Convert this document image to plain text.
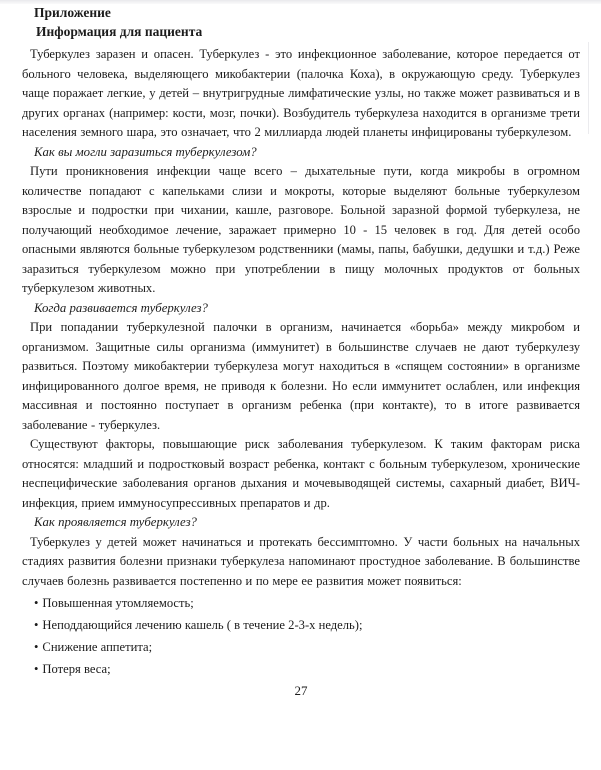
Приложение
Информация для пациента

Туберкулез заразен и опасен. Туберкулез - это инфекционное заболевание, которое передается от больного человека, выделяющего микобактерии (палочка Коха), в окружающую среду. Туберкулез чаще поражает легкие, у детей – внутригрудные лимфатические узлы, но также может развиваться и в других органах (например: кости, мозг, почки). Возбудитель туберкулеза находится в организме трети населения земного шара, это означает, что 2 миллиарда людей планеты инфицированы туберкулезом.

Как вы могли заразиться туберкулезом?

Пути проникновения инфекции чаще всего – дыхательные пути, когда микробы в огромном количестве попадают с капельками слизи и мокроты, которые выделяют больные туберкулезом взрослые и подростки при чихании, кашле, разговоре. Больной заразной формой туберкулеза, не получающий необходимое лечение, заражает примерно 10 - 15 человек в год. Для детей особо опасными являются больные туберкулезом родственники (мамы, папы, бабушки, дедушки и т.д.) Реже заразиться туберкулезом можно при употреблении в пищу молочных продуктов от больных туберкулезом животных.

Когда развивается туберкулез?

При попадании туберкулезной палочки в организм, начинается «борьба» между микробом и организмом. Защитные силы организма (иммунитет) в большинстве случаев не дают туберкулезу развиться. Поэтому микобактерии туберкулеза могут находиться в «спящем состоянии» в организме инфицированного долгое время, не приводя к болезни. Но если иммунитет ослаблен, или инфекция массивная и постоянно поступает в организм ребенка (при контакте), то в итоге развивается заболевание - туберкулез.

Существуют факторы, повышающие риск заболевания туберкулезом. К таким факторам риска относятся: младший и подростковый возраст ребенка, контакт с больным туберкулезом, хронические неспецифические заболевания органов дыхания и мочевыводящей системы, сахарный диабет, ВИЧ-инфекция, прием иммуносупрессивных препаратов и др.

Как проявляется туберкулез?

Туберкулез у детей может начинаться и протекать бессимптомно. У части больных на начальных стадиях развития болезни признаки туберкулеза напоминают простудное заболевание. В большинстве случаев болезнь развивается постепенно и по мере ее развития может появиться:

• Повышенная утомляемость;
• Неподдающийся лечению кашель ( в течение 2-3-х недель);
• Снижение аппетита;
• Потеря веса;
27
